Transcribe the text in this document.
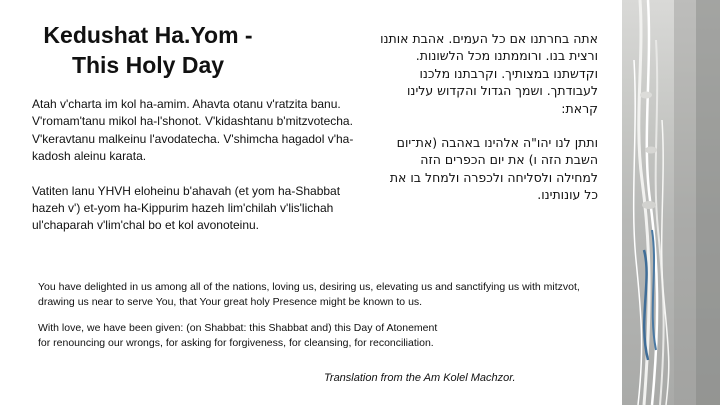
Kedushat Ha.Yom -
This Holy Day

אתה בחרתנו אם כל העמים. אהבת אותנו

ורצית בנו. ורוממתנו מכל הלשונות.

וקדשתנו במצותיך. וקרבתנו מלכנו

לעבודתך. ושמך הגדול והקדוש עלינו

קראת:

ותתן לנו יהו"ה אלהינו באהבה (את־יום

השבת הזה ו) את יום הכפרים הזה

למחילה ולסליחה ולכפרה ולמחל בו את

כל עונותינו.

Atah v'charta im kol ha-amim. Ahavta otanu v'ratzita banu. V'romam'tanu mikol ha-l'shonot. V'kidashtanu b'mitzvotecha. V'keravtanu malkeinu l'avodatecha. V'shimcha hagadol v'ha-kadosh aleinu karata.

Vatiten lanu YHVH eloheinu b'ahavah (et yom ha-Shabbat hazeh v') et-yom ha-Kippurim hazeh lim'chilah v'lis'lichah ul'chaparah v'lim'chal bo et kol avonoteinu.

You have delighted in us among all of the nations, loving us, desiring us, elevating us and sanctifying us with mitzvot, drawing us near to serve You, that Your great holy Presence might be known to us.

With love, we have been given: (on Shabbat: this Shabbat and) this Day of Atonement
for renouncing our wrongs, for asking for forgiveness, for cleansing, for reconciliation.

Translation from the Am Kolel Machzor.
